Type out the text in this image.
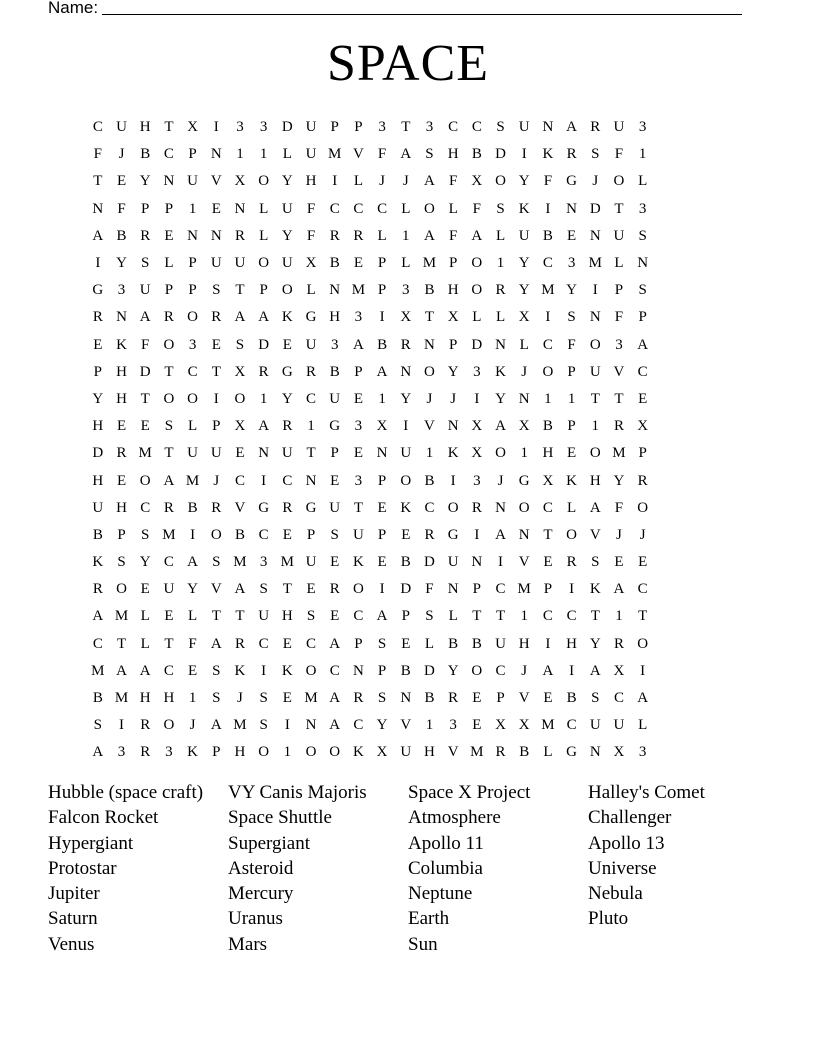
Name:
SPACE
C U H T X	I	3	3 D U P	P	3	T	3 C C S U N A R U 3
F	J	B C P N 1	1	L U M V F A S H B D	I	K R S	F	1
T E Y N U V X O Y H	I	L	J	J	A F X O Y F G	J	O L
N F	P	P	1	E N L U F C C C L O L F	S K	I	N D T	3
A B R E N N R L Y F R R L	1 A F A L U B E N U S
I	Y S L P U U O U X B E P L M P O 1 Y C 3 M L N
G 3 U P	P	S T P O L N M P	3 B H O R Y M Y	I	P	S
R N A R O R A A K G H 3	I	X T X L L X	I	S N F	P
E K F O 3	E S D E U 3 A B R N P D N L C F O 3 A
P H D T C T X R G R B P A N O Y 3 K	J	O P U V C
Y H T O O	I	O 1 Y C U E	1 Y	J	J	I	Y N 1	1	T T E
H E E S L P X A R 1 G 3 X	I	V N X A X B P	1 R X
D R M T U U E N U T P E N U 1 K X O 1 H E O M P
H E O A M J	C	I	C N E	3	P O B	I	3	J	G X K H Y R
U H C R B R V G R G U T E K C O R N O C L A F O
B P	S M I	O B C E P	S U P E R G	I	A N T O V	J	J
K S Y C A S M 3 M U E K E B D U N	I	V E R S E E
R O E U Y V A S T E R O	I	D F N P C M P	I	K A C
A M L E L T T U H S E C A P	S L T T	1 C C T	1	T
C T L T F A R C E C A P	S E L B B U H	I	H Y R O
M A A C E S K	I	K O C N P B D Y O C	J	A	I	A X	I
B M H H 1	S	J	S E M A R S N B R E P V E B S C A
S	I	R O	J	A M S	I	N A C Y V 1	3	E X X M C U U L
A 3 R 3 K P H O 1 O O K X U H V M R B L G N X 3
Hubble (space craft)	VY Canis Majoris	Space X Project	Halley's Comet
Falcon Rocket	Space Shuttle	Atmosphere	Challenger
Hypergiant	Supergiant	Apollo 11	Apollo 13
Protostar	Asteroid	Columbia	Universe
Jupiter	Mercury	Neptune	Nebula
Saturn	Uranus	Earth	Pluto
Venus	Mars	Sun
